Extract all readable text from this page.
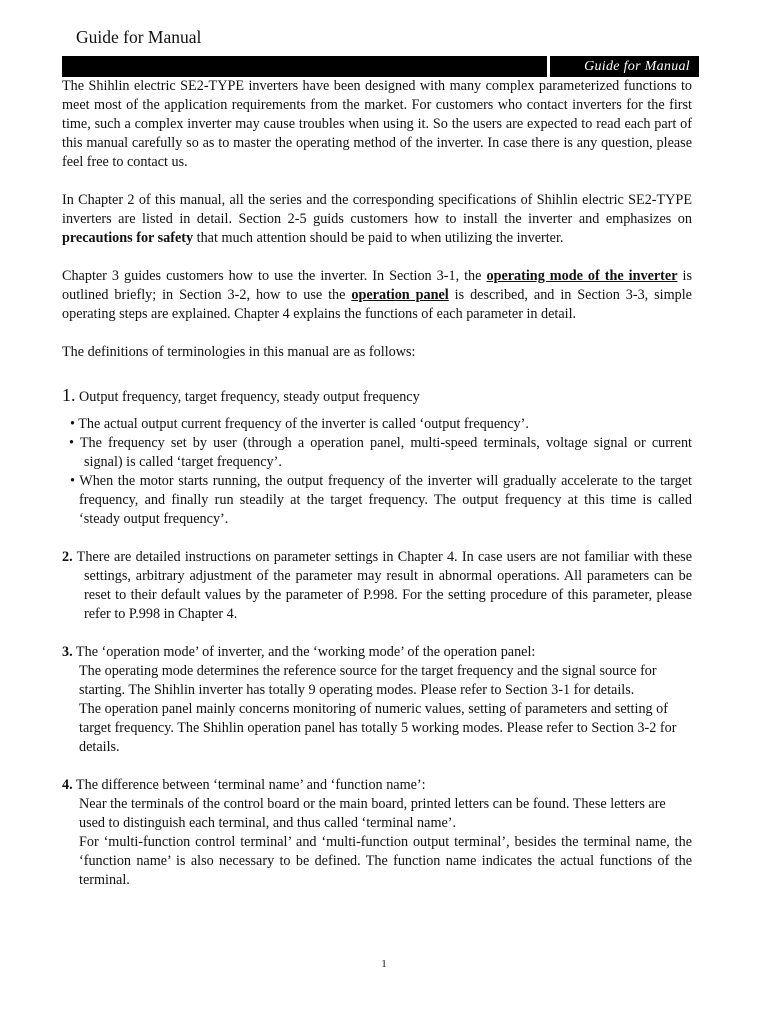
Guide for Manual
Guide for Manual

The Shihlin electric SE2-TYPE inverters have been designed with many complex parameterized functions to meet most of the application requirements from the market. For customers who contact inverters for the first time, such a complex inverter may cause troubles when using it. So the users are expected to read each part of this manual carefully so as to master the operating method of the inverter. In case there is any question, please feel free to contact us.

In Chapter 2 of this manual, all the series and the corresponding specifications of Shihlin electric SE2-TYPE inverters are listed in detail. Section 2-5 guids customers how to install the inverter and emphasizes on precautions for safety that much attention should be paid to when utilizing the inverter.

Chapter 3 guides customers how to use the inverter. In Section 3-1, the operating mode of the inverter is outlined briefly; in Section 3-2, how to use the operation panel is described, and in Section 3-3, simple operating steps are explained. Chapter 4 explains the functions of each parameter in detail.

The definitions of terminologies in this manual are as follows:

1. Output frequency, target frequency, steady output frequency

• The actual output current frequency of the inverter is called ‘output frequency’.

• The frequency set by user (through a operation panel, multi-speed terminals, voltage signal or current signal) is called ‘target frequency’.

• When the motor starts running, the output frequency of the inverter will gradually accelerate to the target frequency, and finally run steadily at the target frequency. The output frequency at this time is called ‘steady output frequency’.

2. There are detailed instructions on parameter settings in Chapter 4. In case users are not familiar with these settings, arbitrary adjustment of the parameter may result in abnormal operations. All parameters can be reset to their default values by the parameter of P.998. For the setting procedure of this parameter, please refer to P.998 in Chapter 4.

3. The ‘operation mode’ of inverter, and the ‘working mode’ of the operation panel:

The operating mode determines the reference source for the target frequency and the signal source for starting. The Shihlin inverter has totally 9 operating modes. Please refer to Section 3-1 for details.

The operation panel mainly concerns monitoring of numeric values, setting of parameters and setting of target frequency. The Shihlin operation panel has totally 5 working modes. Please refer to Section 3-2 for details.

4. The difference between ‘terminal name’ and ‘function name’:

Near the terminals of the control board or the main board, printed letters can be found. These letters are used to distinguish each terminal, and thus called ‘terminal name’.

For ‘multi-function control terminal’ and ‘multi-function output terminal’, besides the terminal name, the ‘function name’ is also necessary to be defined. The function name indicates the actual functions of the terminal.

1
